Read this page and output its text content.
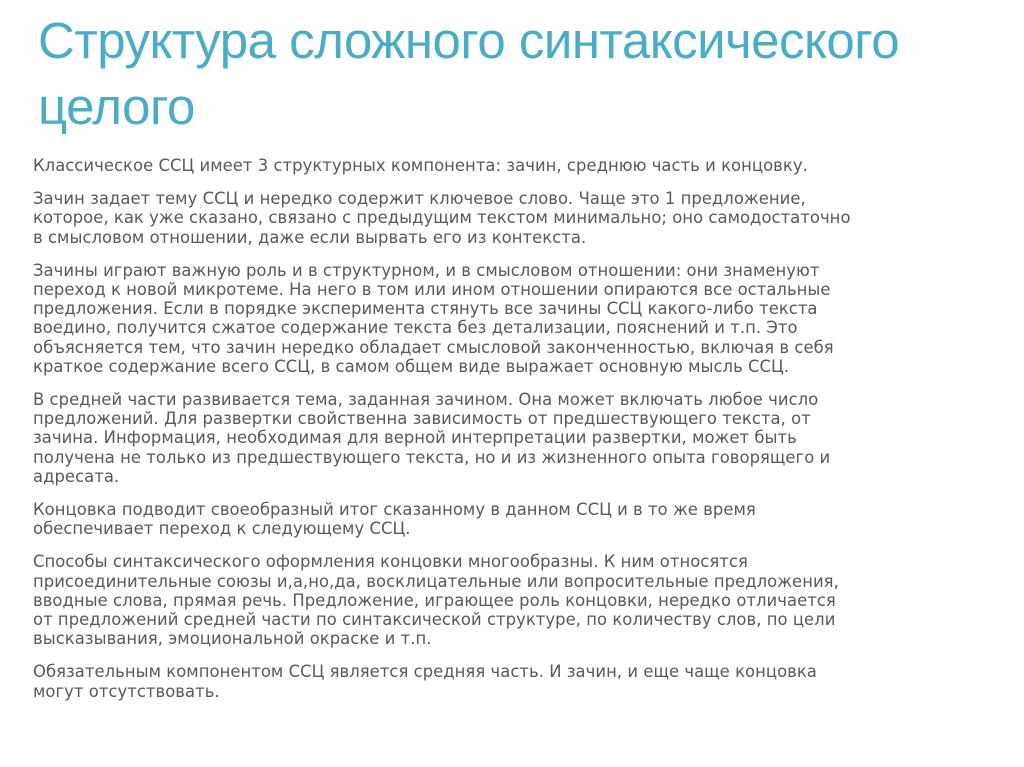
Структура сложного синтаксического
целого

Классическое ССЦ имеет 3 структурных компонента: зачин, среднюю часть и концовку.

Зачин задает тему ССЦ и нередко содержит ключевое слово. Чаще это 1 предложение,
которое, как уже сказано, связано с предыдущим текстом минимально; оно самодостаточно
в смысловом отношении, даже если вырвать его из контекста.

Зачины играют важную роль и в структурном, и в смысловом отношении: они знаменуют
переход к новой микротеме. На него в том или ином отношении опираются все остальные
предложения. Если в порядке эксперимента стянуть все зачины ССЦ какого-либо текста
воедино, получится сжатое содержание текста без детализации, пояснений и т.п. Это
объясняется тем, что зачин нередко обладает смысловой законченностью, включая в себя
краткое содержание всего ССЦ, в самом общем виде выражает основную мысль ССЦ.

В средней части развивается тема, заданная зачином. Она может включать любое число
предложений. Для развертки свойственна зависимость от предшествующего текста, от
зачина. Информация, необходимая для верной интерпретации развертки, может быть
получена не только из предшествующего текста, но и из жизненного опыта говорящего и
адресата.

Концовка подводит своеобразный итог сказанному в данном ССЦ и в то же время
обеспечивает переход к следующему ССЦ.

Способы синтаксического оформления концовки многообразны. К ним относятся
присоединительные союзы и,а,но,да, восклицательные или вопросительные предложения,
вводные слова, прямая речь. Предложение, играющее роль концовки, нередко отличается
от предложений средней части по синтаксической структуре, по количеству слов, по цели
высказывания, эмоциональной окраске и т.п.

Обязательным компонентом ССЦ является средняя часть. И зачин, и еще чаще концовка
могут отсутствовать.
